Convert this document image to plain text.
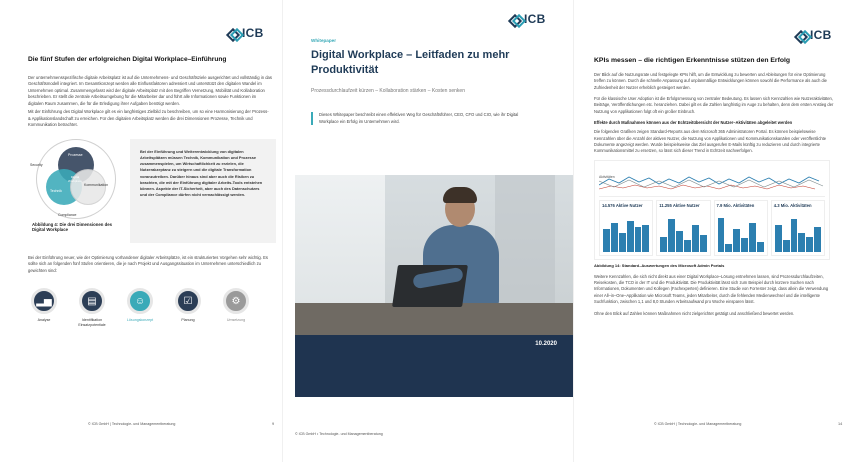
ICB
Die fünf Stufen der erfolgreichen Digital Workplace–Einführung

Der unternehmensspezifische digitale Arbeitsplatz ist auf die Unternehmens- und Geschäftsziele ausgerichtet und vollständig in das Geschäftsmodell integriert. Im Gesamtkonzept werden alle Einflussfaktoren adressiert und unterstützt den digitalen Wandel im Unternehmen optimal. Zusammengefasst wird der digitale Arbeitsplatz mit den Begriffen Vernetzung, Mobilität und Kollaboration beschrieben. Er stellt die zentrale Arbeitsumgebung für die Mitarbeiter dar und führt alle Informationen sowie Funktionen im digitalen Raum zusammen, die für die Erledigung ihrer Aufgaben benötigt werden.

Mit der Einführung des Digital Workplace gilt es ein langfristiges Zielbild zu beschreiben, um so eine Harmonisierung der Prozess- & Applikationslandschaft zu erreichen. Für den digitalen Arbeitsplatz werden die drei Dimensionen Prozesse, Technik und Kommunikation betrachtet.

Prozesse
Technik
Kommunikation
Digital Workplace
Security
Compliance
Abbildung 4: Die drei Dimensionen des Digital Workplace
Bei der Einführung und Weiterentwicklung von digitalen Arbeitsplätzen müssen Technik, Kommunikation und Prozesse zusammenspielen, um Wirtschaftlichkeit zu erzielen, die Nutzerakzeptanz zu steigern und die digitale Transformation voranzutreiben. Darüber hinaus sind aber auch die Risiken zu beachten, die mit der Einführung digitaler Arbeits-Tools entstehen können. Aspekte der IT-Sicherheit, aber auch des Datenschutzes und der Compliance dürfen nicht vernachlässigt werden.
Bei der Einführung neuer, wie der Optimierung vorhandener digitaler Arbeitsplätze, ist ein strukturiertes Vorgehen sehr wichtig. Es sollte sich an folgenden fünf Stufen orientieren, die je nach Projekt und Ausgangssituation im Unternehmen unterschiedlich zu gewichten sind:
▂▅
Analyse
▤
Identifikation Einsatzpotentiale
☺
Lösungskonzept
☑
Planung
⚙
Umsetzung
© ICB GmbH | Technologie- und Managementberatung	9
ICB
Whitepaper
Digital Workplace – Leitfaden zu mehr Produktivität
Prozessdurchlaufzeit kürzen – Kollaboration stärken – Kosten senken
Dieses Whitepaper beschreibt einen effektiven Weg für Geschäftsführer, CEO, CFO und CIO, wie ihr Digital Workplace ein Erfolg im Unternehmen wird.
10.2020
© ICB GmbH • Technologie- und Managementberatung
ICB
KPIs messen – die richtigen Erkenntnisse stützen den Erfolg

Der Blick auf die Nutzungsrate und festgelegte KPIs hilft, um die Entwicklung zu bewerten und Ableitungen für eine Optimierung treffen zu können. Durch die schnelle Anpassung auf unplanmäßige Entwicklungen können sowohl die Performance als auch die Zufriedenheit der Nutzer erheblich gesteigert werden.

Für die klassische User Adoption ist die Erfolgsmessung von zentraler Bedeutung. Es lassen sich Kennzahlen wie Nutzeraktivitäten, Beiträge, Veröffentlichungen etc. heranziehen. Dabei gilt es die Zahlen langfristig im Auge zu behalten, denn dem ersten Anstieg der Nutzung von Applikationen folgt oft ein großer Einbruch.

Effekte durch Maßnahmen können aus der Echtzeitübersicht der Nutzer–Aktivitäten abgeleitet werden

Die folgenden Grafiken zeigen Standard-Reports aus dem Microsoft 365 Administratoren Portal. Es können beispielsweise Kennzahlen über die Anzahl der aktiven Nutzer, die Nutzung von Applikationen und Kommunikationskanälen oder veröffentlichte Dokumente angezeigt werden. Wurde beispielsweise das Ziel ausgerufen E-Mails künftig zu reduzieren und durch integrierte Kommunikationsmittel zu ersetzen, so lässt sich dieser Trend in Echtzeit nachverfolgen.

Aktivitäten
14.576 Aktive Nutzer	11.255 Aktive Nutzer	7.9 Mio. Aktivitäten	4.3 Mio. Aktivitäten
Abbildung 14: Standard–Auswertungen des Microsoft Admin Portals

Weitere Kennzahlen, die sich nicht direkt aus einer Digital Workplace–Lösung entnehmen lassen, sind Prozessdurchlaufzeiten, Reisekosten, die TCO in der IT und die Produktivität. Die Produktivität lässt sich zum Beispiel durch kürzere Suchen nach Informationen, Dokumenten und Kollegen (Fachexperten) definieren. Eine Studie von Forrester zeigt, dass allein die Verwendung einer All–in–One–Applikation wie Microsoft Teams, jeden Mitarbeiter, durch die fehlenden Medienwechsel und die intelligente Suchfunktion, zwischen 1,1 und 8,0 Stunden Arbeitsaufwand pro Woche einsparen lässt.

Ohne den Blick auf Zahlen können Maßnahmen nicht zielgerichtet getätigt und anschließend bewertet werden.

© ICB GmbH | Technologie- und Managementberatung	14
